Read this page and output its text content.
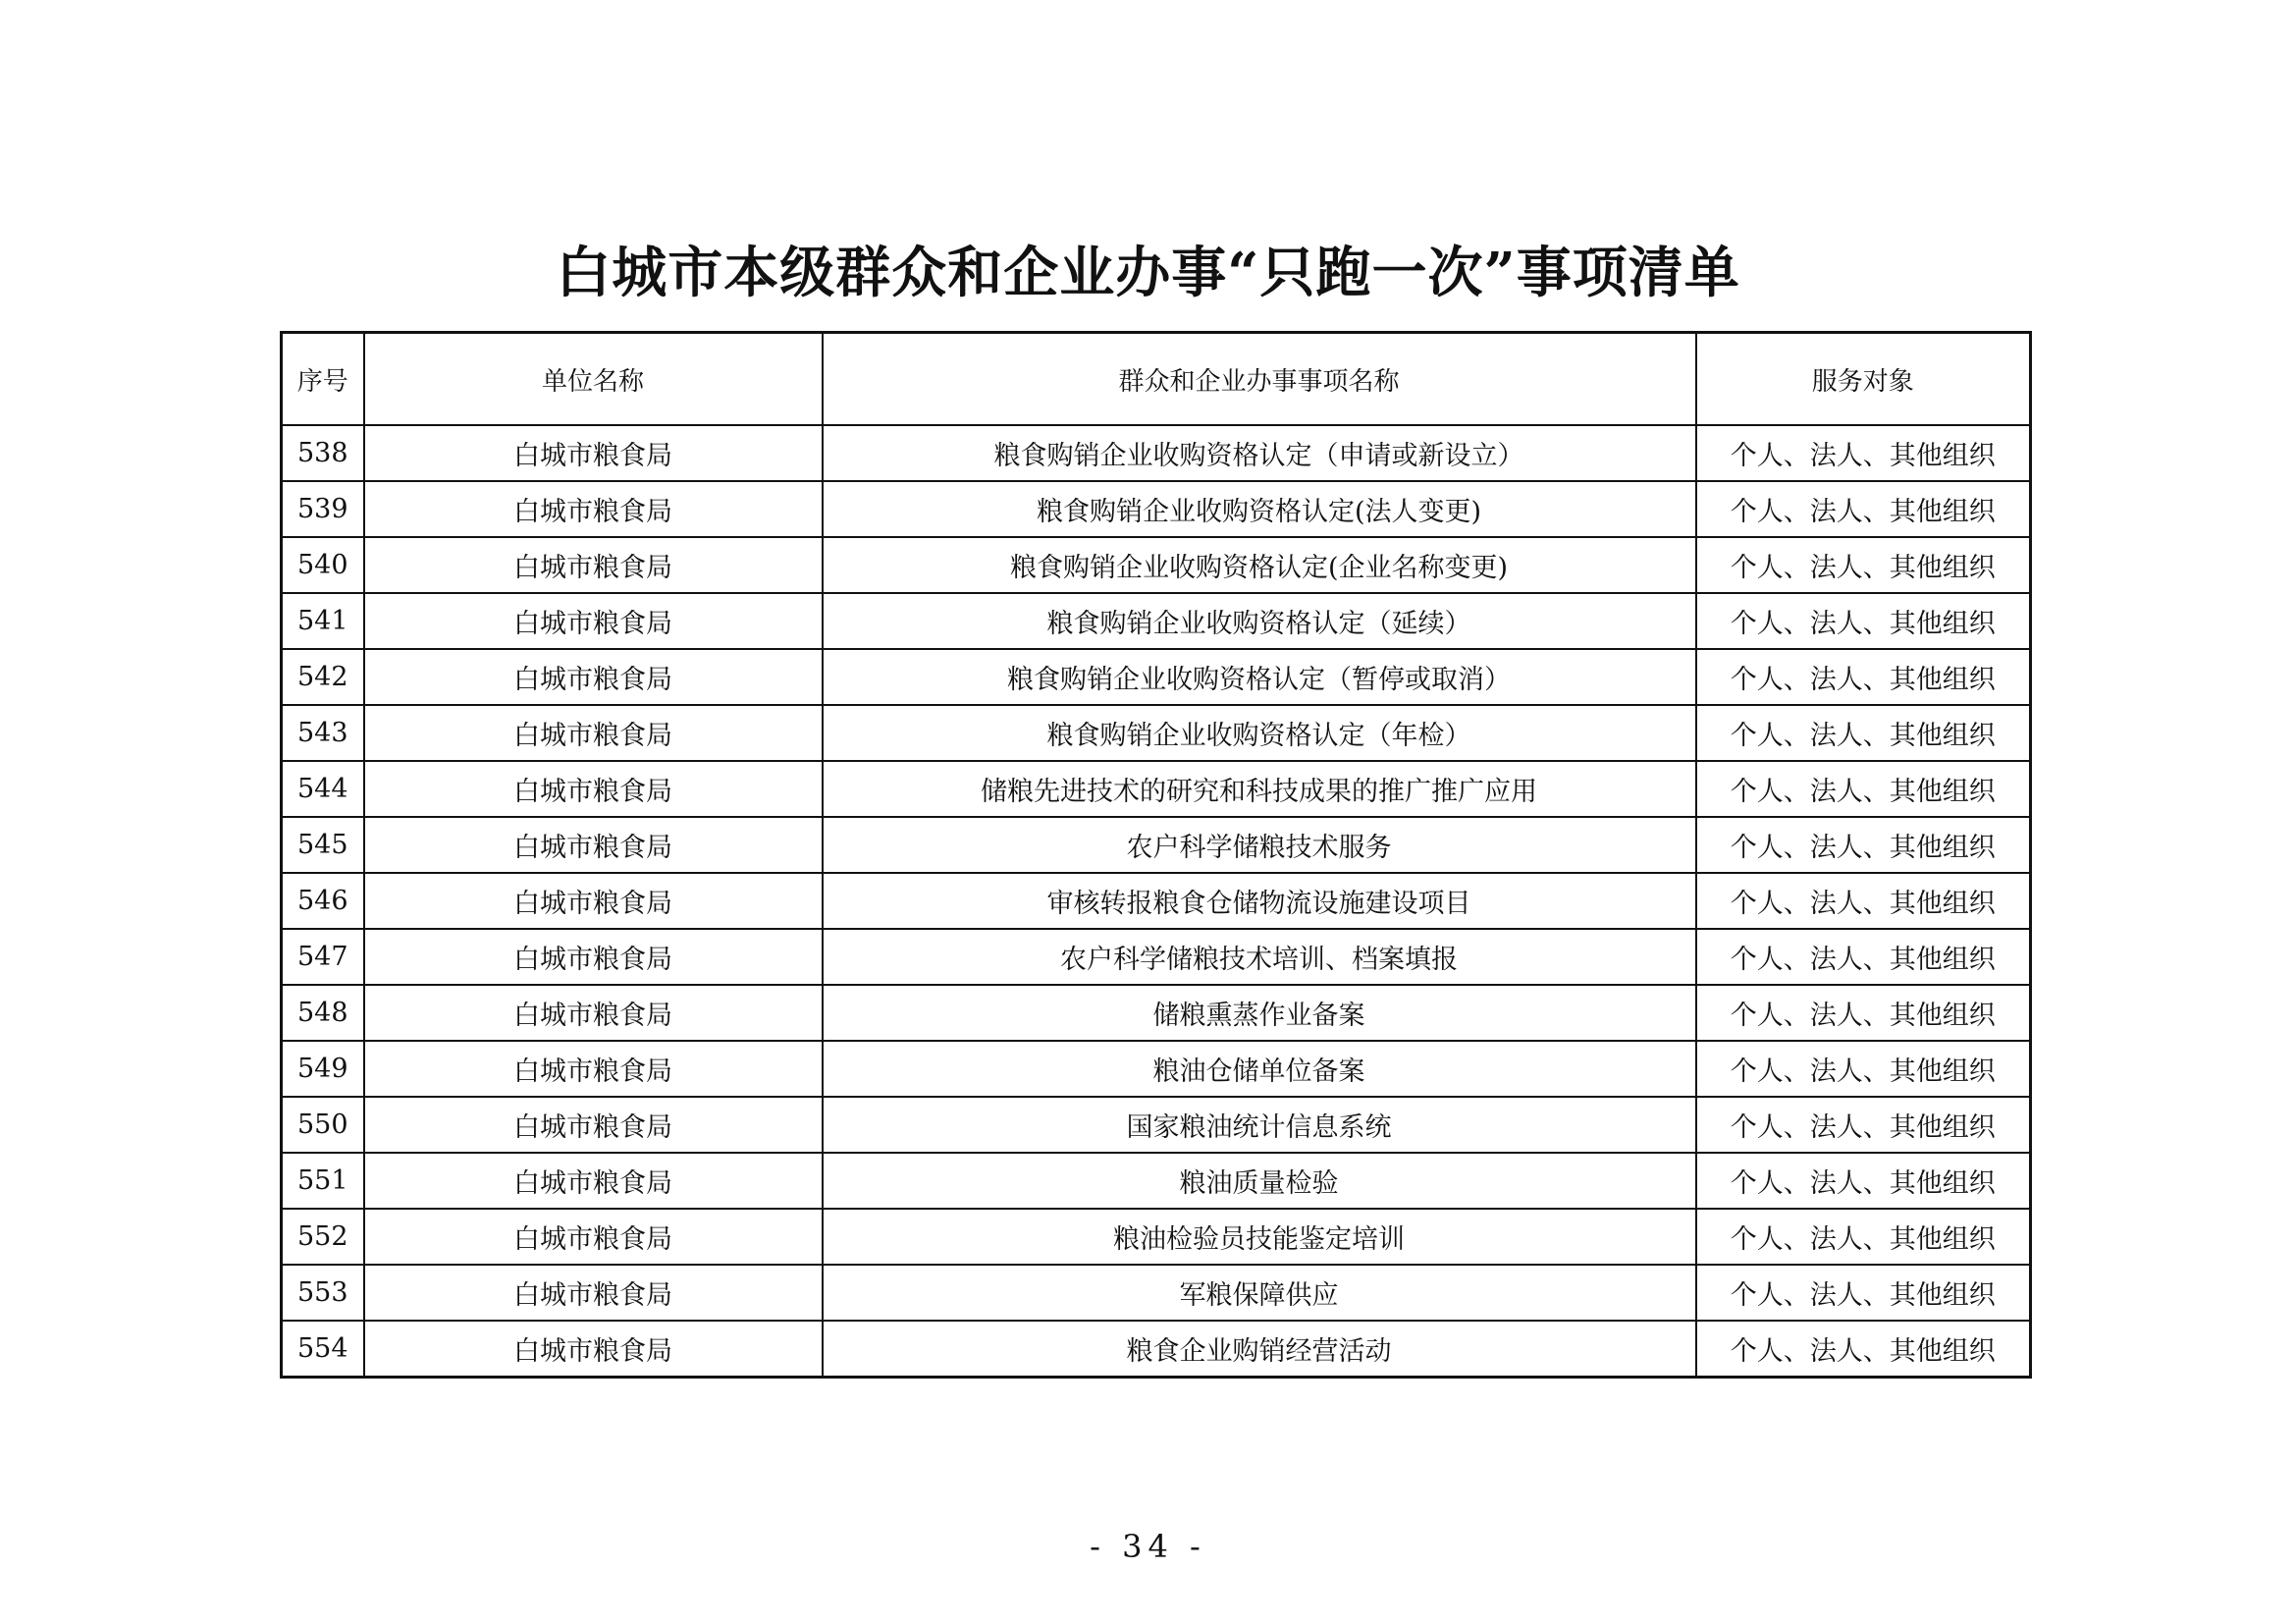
白城市本级群众和企业办事“只跑一次”事项清单
序号	单位名称	群众和企业办事事项名称	服务对象
538	白城市粮食局	粮食购销企业收购资格认定（申请或新设立）	个人、法人、其他组织
539	白城市粮食局	粮食购销企业收购资格认定(法人变更)	个人、法人、其他组织
540	白城市粮食局	粮食购销企业收购资格认定(企业名称变更)	个人、法人、其他组织
541	白城市粮食局	粮食购销企业收购资格认定（延续）	个人、法人、其他组织
542	白城市粮食局	粮食购销企业收购资格认定（暂停或取消）	个人、法人、其他组织
543	白城市粮食局	粮食购销企业收购资格认定（年检）	个人、法人、其他组织
544	白城市粮食局	储粮先进技术的研究和科技成果的推广推广应用	个人、法人、其他组织
545	白城市粮食局	农户科学储粮技术服务	个人、法人、其他组织
546	白城市粮食局	审核转报粮食仓储物流设施建设项目	个人、法人、其他组织
547	白城市粮食局	农户科学储粮技术培训、档案填报	个人、法人、其他组织
548	白城市粮食局	储粮熏蒸作业备案	个人、法人、其他组织
549	白城市粮食局	粮油仓储单位备案	个人、法人、其他组织
550	白城市粮食局	国家粮油统计信息系统	个人、法人、其他组织
551	白城市粮食局	粮油质量检验	个人、法人、其他组织
552	白城市粮食局	粮油检验员技能鉴定培训	个人、法人、其他组织
553	白城市粮食局	军粮保障供应	个人、法人、其他组织
554	白城市粮食局	粮食企业购销经营活动	个人、法人、其他组织
- 34 -
